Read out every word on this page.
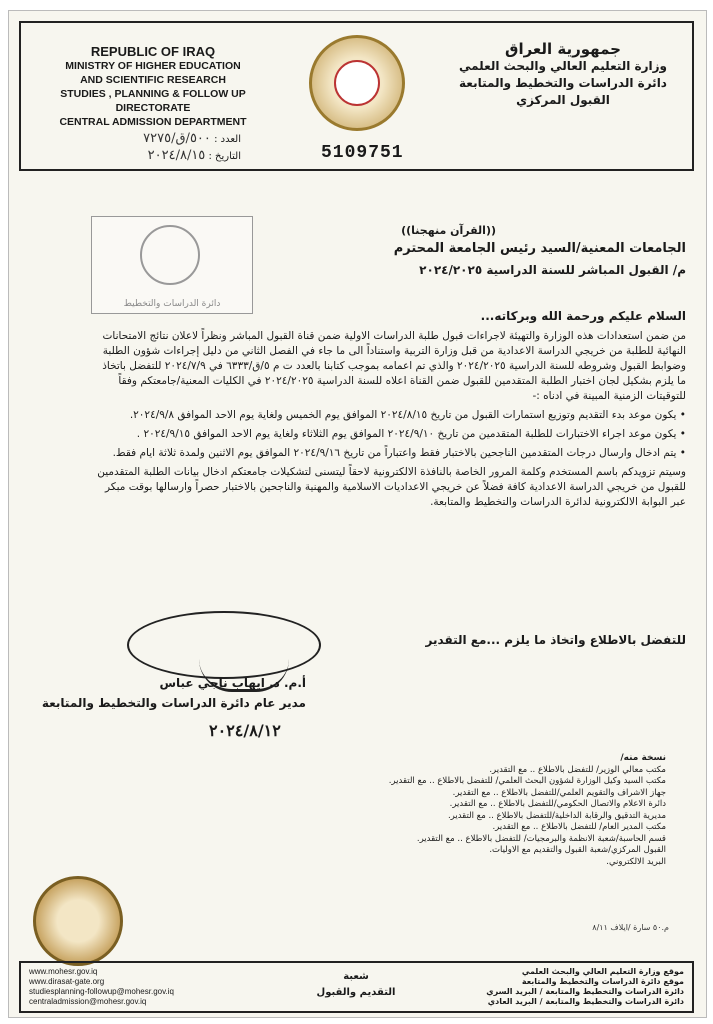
REPUBLIC OF IRAQ
MINISTRY OF HIGHER EDUCATION
AND SCIENTIFIC RESEARCH
STUDIES , PLANNING & FOLLOW UP DIRECTORATE
CENTRAL ADMISSION DEPARTMENT
جمهورية العراق
وزارة التعليم العالي والبحث العلمي
دائرة الدراسات والتخطيط والمتابعة
القبول المركزي
العدد : ٥٠٠/ق/٧٢٧٥
التاريخ : ٢٠٢٤/٨/١٥	5109751
دائرة الدراسات والتخطيط
((القرآن منهجنا))
الجامعات المعنية/السيد رئيس الجامعة المحترم
م/ القبول المباشر للسنة الدراسية ٢٠٢٤/٢٠٢٥
السلام عليكم ورحمة الله وبركاته...
من ضمن استعدادات هذه الوزارة والتهيئة لاجراءات قبول طلبة الدراسات الاولية ضمن قناة القبول المباشر ونظراً لاعلان نتائج الامتحانات النهائية للطلبة من خريجي الدراسة الاعدادية من قبل وزارة التربية واستناداً الى ما جاء في الفصل الثاني من دليل إجراءات شؤون الطلبة وضوابط القبول وشروطه للسنة الدراسية ٢٠٢٤/٢٠٢٥ والذي تم اعمامه بموجب كتابنا بالعدد ت م ٥/ق/٦٣٣٣ في ٢٠٢٤/٧/٩ للتفضل باتخاذ ما يلزم بشكيل لجان اختبار الطلبة المتقدمين للقبول ضمن القناة اعلاه للسنة الدراسية ٢٠٢٤/٢٠٢٥ في الكليات المعنية/جامعتكم وفقاً للتوقيتات الزمنية المبينة في ادناه :-
• يكون موعد بدء التقديم وتوزيع استمارات القبول من تاريخ ٢٠٢٤/٨/١٥ الموافق يوم الخميس ولغاية يوم الاحد الموافق ٢٠٢٤/٩/٨.
• يكون موعد اجراء الاختبارات للطلبة المتقدمين من تاريخ ٢٠٢٤/٩/١٠ الموافق يوم الثلاثاء ولغاية يوم الاحد الموافق ٢٠٢٤/٩/١٥ .
• يتم ادخال وارسال درجات المتقدمين الناجحين بالاختبار فقط واعتباراً من تاريخ ٢٠٢٤/٩/١٦ الموافق يوم الاثنين ولمدة ثلاثة ايام فقط.
وسيتم تزويدكم باسم المستخدم وكلمة المرور الخاصة بالنافذة الالكترونية لاحقاً ليتسنى لتشكيلات جامعتكم ادخال بيانات الطلبة المتقدمين للقبول من خريجي الدراسة الاعدادية كافة فضلاً عن خريجي الاعداديات الاسلامية والمهنية والناجحين بالاختبار حصراً وارسالها بوقت مبكر عبر البوابة الالكترونية لدائرة الدراسات والتخطيط والمتابعة.
للتفضل بالاطلاع واتخاذ ما يلزم ...مع التقدير
أ.م. د. ايهاب ناجي عباس
مدير عام دائرة الدراسات والتخطيط والمتابعة
٢٠٢٤/٨/١٢
نسخة منه/
مكتب معالي الوزير/ للتفضل بالاطلاع .. مع التقدير.
مكتب السيد وكيل الوزارة لشؤون البحث العلمي/ للتفضل بالاطلاع .. مع التقدير.
جهاز الاشراف والتقويم العلمي/للتفضل بالاطلاع .. مع التقدير.
دائرة الاعلام والاتصال الحكومي/للتفضل بالاطلاع .. مع التقدير.
مديرية التدقيق والرقابة الداخلية/للتفضل بالاطلاع .. مع التقدير.
مكتب المدير العام/ للتفضل بالاطلاع .. مع التقدير.
قسم الحاسبة/شعبة الانظمة والبرمجيات/ للتفضل بالاطلاع .. مع التقدير.
القبول المركزي/شعبة القبول والتقديم مع الاوليات.
البريد الالكتروني.
م.٥٠ سارة /ايلاف ٨/١١
www.mohesr.gov.iq
www.dirasat-gate.org
studiesplanning-followup@mohesr.gov.iq
centraladmission@mohesr.gov.iq
شعبة
التقديم والقبول
موقع وزارة التعليم العالي والبحث العلمي
موقع دائرة الدراسات والتخطيط والمتابعة
دائرة الدراسات والتخطيط والمتابعة / البريد السري
دائرة الدراسات والتخطيط والمتابعة / البريد العادي
